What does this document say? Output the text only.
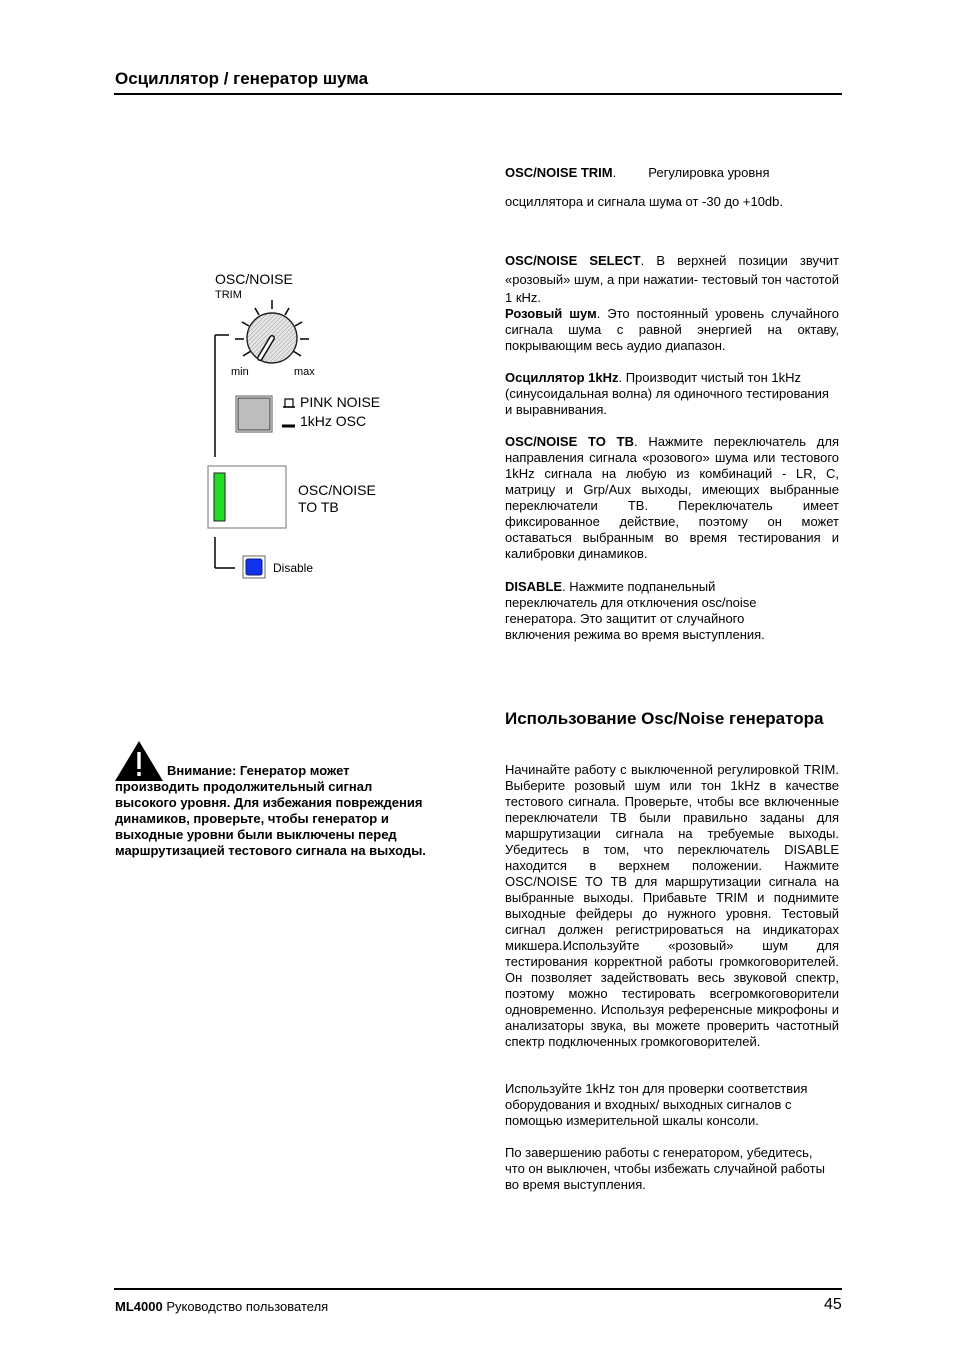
Осциллятор / генератор шума
OSC/NOISE
TRIM
min	max
PINK NOISE
1kHz OSC
OSC/NOISE
TO TB
Disable
OSC/NOISE TRIM. Регулировка уровня
осциллятора и сигнала шума от -30 до +10db.
OSC/NOISE SELECT. В верхней позиции звучит «розовый» шум, а при нажатии- тестовый тон частотой 1 кHz.
Розовый шум. Это постоянный уровень случайного сигнала шума с равной энергией на октаву, покрывающим весь аудио диапазон.
Осциллятор 1kHz. Производит чистый тон 1kHz (синусоидальная волна) ля одиночного тестирования и выравнивания.
OSC/NOISE TO TB. Нажмите переключатель для направления сигнала «розового» шума или тестового 1kHz сигнала на любую из комбинаций - LR, C, матрицу и Grp/Aux выходы, имеющих выбранные переключатели TB. Переключатель имеет фиксированное действие, поэтому он может оставаться выбранным во время тестирования и калибровки динамиков.
DISABLE. Нажмите подпанельный переключатель для отключения osc/noise генератора. Это защитит от случайного включения режима во время выступления.
Использование Osc/Noise генератора
Начинайте работу с выключенной регулировкой TRIM. Выберите розовый шум или тон 1kHz в качестве тестового сигнала. Проверьте, чтобы все включенные переключатели TB были правильно заданы для маршрутизации сигнала на требуемые выходы. Убедитесь в том, что переключатель DISABLE находится в верхнем положении. Нажмите OSC/NOISE TO TB для маршрутизации сигнала на выбранные выходы. Прибавьте TRIM и поднимите выходные фейдеры до нужного уровня. Тестовый сигнал должен регистрироваться на индикаторах микшера.Используйте «розовый» шум для тестирования корректной работы громкоговорителей. Он позволяет задействовать весь звуковой спектр, поэтому можно тестировать всегромкоговорители одновременно. Используя референсные микрофоны и анализаторы звука, вы можете проверить частотный спектр подключенных громкоговорителей.
Используйте 1kHz тон для проверки соответствия оборудования и входных/ выходных сигналов с помощью измерительной шкалы консоли.
По завершению работы с генератором, убедитесь, что он выключен, чтобы избежать случайной работы во время выступления.
Внимание: Генератор может производить продолжительный сигнал высокого уровня. Для избежания повреждения динамиков, проверьте, чтобы генератор и выходные уровни были выключены перед маршрутизацией тестового сигнала на выходы.
ML4000 Руководство пользователя	45
